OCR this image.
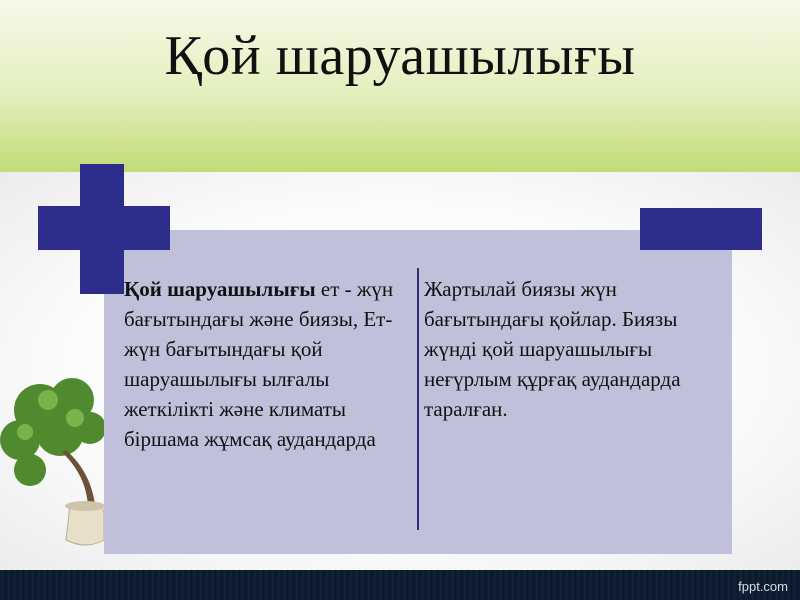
Қой шаруашылығы
Қой шаруашылығы ет - жүн бағытындағы және биязы, Ет-жүн бағытындағы қой шаруашылығы ылғалы жеткілікті және климаты біршама жұмсақ аудандарда
Жартылай биязы жүн бағытындағы қойлар. Биязы жүнді қой шаруашылығы неғүрлым құрғақ аудандарда таралған.
fppt.com
